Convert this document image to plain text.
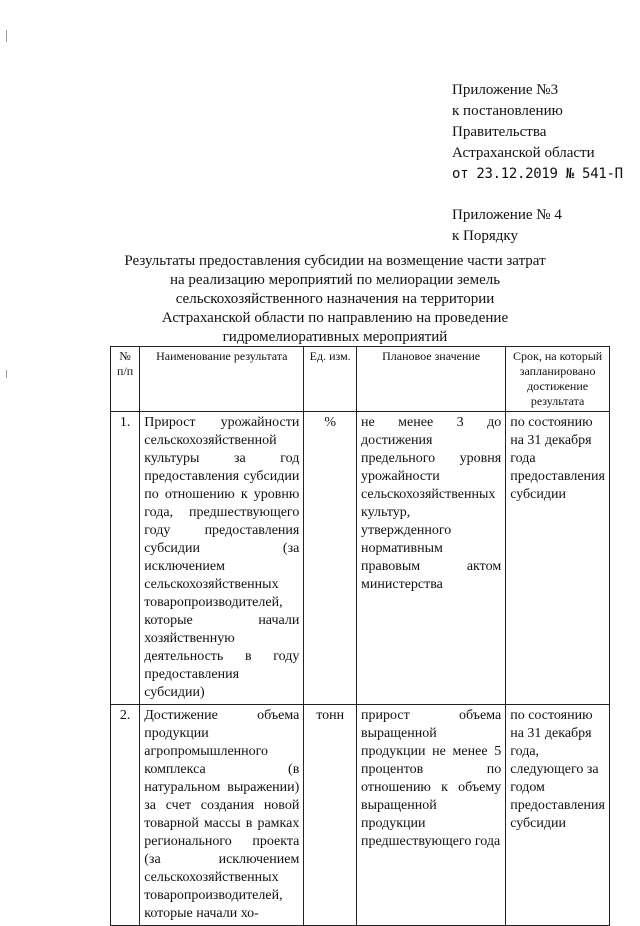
Приложение №3
к постановлению
Правительства
Астраханской области
от 23.12.2019 № 541-П
Приложение № 4
к Порядку
Результаты предоставления субсидии на возмещение части затрат
на реализацию мероприятий по мелиорации земель
сельскохозяйственного назначения на территории
Астраханской области по направлению на проведение
гидромелиоративных мероприятий
№ п/п	Наименование результата	Ед. изм.	Плановое значение	Срок, на который запланировано достижение результата
1.	Прирост урожайности сельскохозяйственной культуры за год предоставления субсидии по отношению к уровню года, предшествующего году предоставления субсидии (за исключением сельскохозяйственных товаропроизводителей, которые начали хозяйственную деятельность в году предоставления субсидии)	%	не менее 3 до достижения предельного уровня урожайности сельскохозяйственных культур, утвержденного нормативным правовым актом министерства	по состоянию на 31 декабря года предоставления субсидии
2.	Достижение объема продукции агропромышленного комплекса (в натуральном выражении) за счет создания новой товарной массы в рамках регионального проекта (за исключением сельскохозяйственных товаропроизводителей, которые начали хо-	тонн	прирост объема выращенной продукции не менее 5 процентов по отношению к объему выращенной продукции предшествующего года	по состоянию на 31 декабря года, следующего за годом предоставления субсидии
